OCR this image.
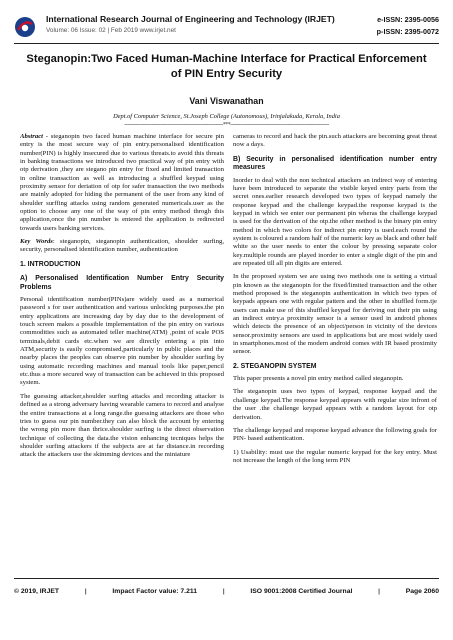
International Research Journal of Engineering and Technology (IRJET)
Volume: 06 Issue: 02 | Feb 2019 www.irjet.net
e-ISSN: 2395-0056
p-ISSN: 2395-0072
Steganopin:Two Faced Human-Machine Interface for Practical Enforcement of PIN Entry Security
Vani Viswanathan
Dept.of Computer Science, St.Joseph College (Autonomous), Irinjalakuda, Kerala, India
---------------------------------------------------------------------***---------------------------------------------------------------------

Abstract - steganopin two faced human machine interface for secure pin entry is the most secure way of pin entry.personalised identification number(PIN) is highly insecured due to various threats.to avoid this threats in banking transactions we introduced two practical way of pin entry with otp derivation ,they are stegano pin entry for fixed and limited transaction in online transaction as well as introducing a shuffled keypad using proximity sensor for deriation of otp for safer transaction the two methods are mainly adopted for hiding the permanent of the user from any kind of shoulder surffing attacks using random generated numericals.user as the option to choose any one of the way of pin entry method throgh this application,once the pin number is entered the application is redirected towards users banking services.

Key Words: steganopin, steganopin authentication, shoulder surfing, security, personalised identification number, authentication

1. INTRODUCTION
A) Personalised Identification Number Entry Security Problems

Personal identification number(PINs)are widely used as a numerical password s for user authentication and various unlocking purposes.the pin entry applications are increasing day by day due to the development of touch screen makes a possible implementation of the pin entry on various commodities such as automated teller machine(ATM) ,point of scale POS terminals,debit cards etc.when we are directly entering a pin into ATM,security is easily compromised,particularly in public places and the nearby places the peoples can observe pin number by shoulder surfing by using automatic recording machines and manual tools like paper,pencil etc.thus a more secured way of transaction can be achieved in this proposed system.

The guessing attacker,shoulder surfing attacks and recording attacker is defined as a strong adversary having wearable camera to record and analyse the entire transactions at a long range.the guessing attackers are those who tries to guess our pin number.they can also block the account by entering the wrong pin more than thrice.shoulder surfing is the direct observation technique of collecting the data.the vision enhancing tecniques helps the shoulder surfing attackers if the subjects are at far distance.in recording attack the attackers use the skimming devices and the miniature

cameras to record and hack the pin.such attackers are becoming great threat now a days.

B) Security in personalised identification number entry measures

Inorder to deal with the non technical attackers an indirect way of entering have been introduced to separate the visible keyed entry parts from the secret ones.earlier research developed two types of keypad namely the response keypad and the challenge keypad.the response keypad is the keypad in which we enter our permanent pin wheras the challenge keypad is used for the derivation of the otp.the other method is the binary pin entry method in which two colors for indirect pin entry is used.each round the system is coloured a random half of the numeric key as black and other half white so the user needs to enter the colour by pressing separate color key.multiple rounds are played inorder to enter a single digit of the pin and are repeated till all pin digits are entered.

In the proposed system we are using two methods one is setting a virtual pin known as the steganopin for the fixed/limited transaction and the other method proposed is the steganopin authentication in which two types of keypads appears one with regular pattern and the other in shuffled form.tje users can make use of this shuffled keypad for deriving out their pin using an indirect entry.a proximity sensor is a sensor used in android phones which detects the presence of an object/person in vicinity of the devices sensor.proximity sensors are used in applications but are most widely used in smartphones.most of the modern android comes with IR based proximity sensor.

2. STEGANOPIN SYSTEM

This paper presents a novel pin entry method called steganopin.

The steganopin uses two types of keypad, response keypad and the challenge keypad.The response keypad appears with regular size infront of the user .the challenge keypad appears with a random layout for otp derivation.

The challenge keypad and response keypad advance the following goals for PIN- based authentication.

1) Usability: must use the regular numeric keypad for the key entry. Must not increase the length of the long term PIN

© 2019, IRJET	|	Impact Factor value: 7.211	|	ISO 9001:2008 Certified Journal	|	Page 2060
